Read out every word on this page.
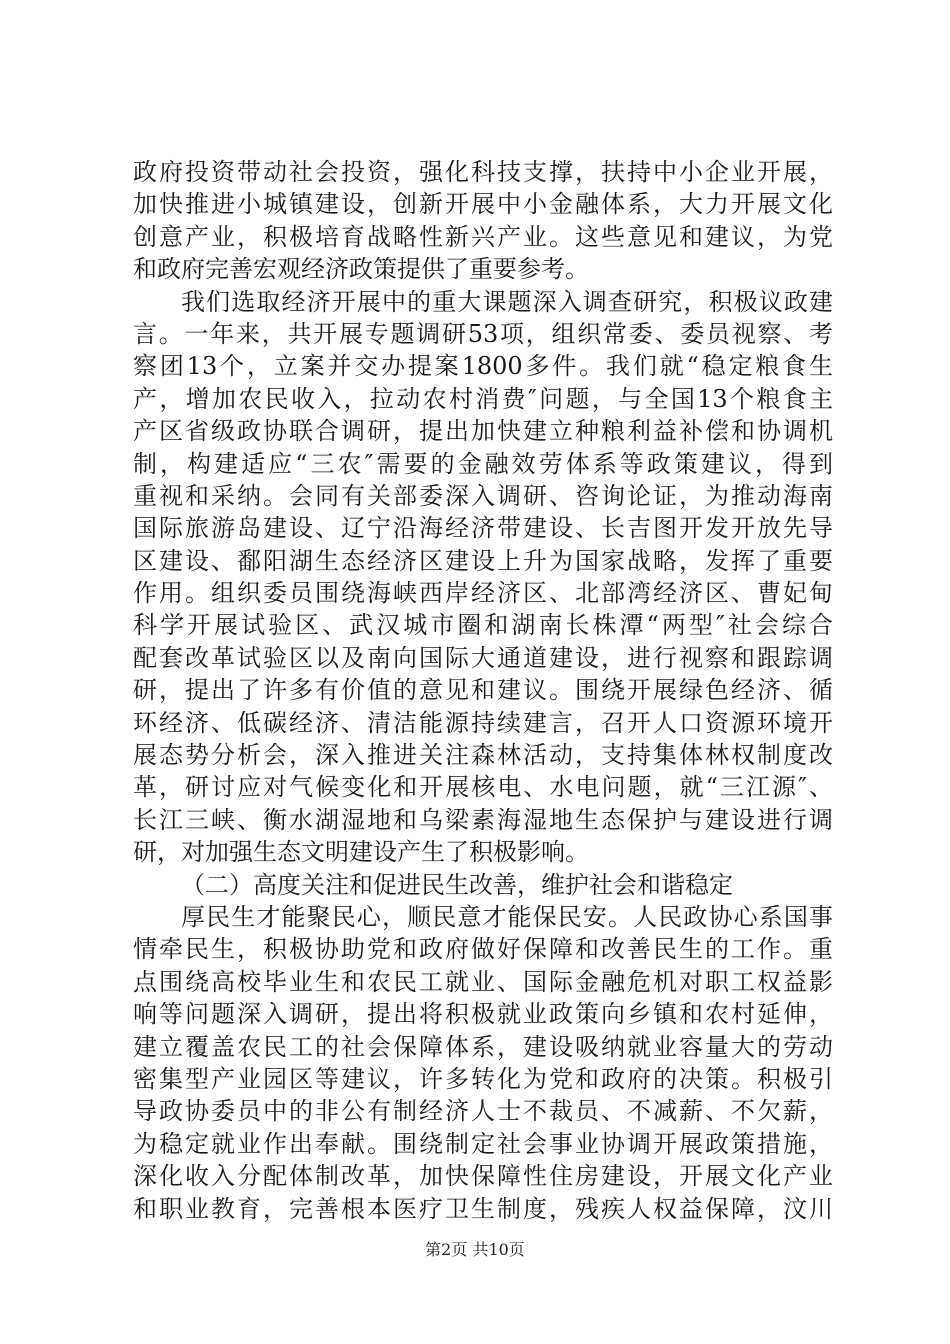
政府投资带动社会投资，强化科技支撑，扶持中小企业开展，
加快推进小城镇建设，创新开展中小金融体系，大力开展文化
创意产业，积极培育战略性新兴产业。这些意见和建议，为党
和政府完善宏观经济政策提供了重要参考。
我们选取经济开展中的重大课题深入调查研究，积极议政建
言。一年来，共开展专题调研53项，组织常委、委员视察、考
察团13个，立案并交办提案1800多件。我们就“稳定粮食生
产，增加农民收入，拉动农村消费″问题，与全国13个粮食主
产区省级政协联合调研，提出加快建立种粮利益补偿和协调机
制，构建适应“三农″需要的金融效劳体系等政策建议，得到
重视和采纳。会同有关部委深入调研、咨询论证，为推动海南
国际旅游岛建设、辽宁沿海经济带建设、长吉图开发开放先导
区建设、鄱阳湖生态经济区建设上升为国家战略，发挥了重要
作用。组织委员围绕海峡西岸经济区、北部湾经济区、曹妃甸
科学开展试验区、武汉城市圈和湖南长株潭“两型″社会综合
配套改革试验区以及南向国际大通道建设，进行视察和跟踪调
研，提出了许多有价值的意见和建议。围绕开展绿色经济、循
环经济、低碳经济、清洁能源持续建言，召开人口资源环境开
展态势分析会，深入推进关注森林活动，支持集体林权制度改
革，研讨应对气候变化和开展核电、水电问题，就“三江源″、
长江三峡、衡水湖湿地和乌梁素海湿地生态保护与建设进行调
研，对加强生态文明建设产生了积极影响。
（二）高度关注和促进民生改善，维护社会和谐稳定
厚民生才能聚民心，顺民意才能保民安。人民政协心系国事
情牵民生，积极协助党和政府做好保障和改善民生的工作。重
点围绕高校毕业生和农民工就业、国际金融危机对职工权益影
响等问题深入调研，提出将积极就业政策向乡镇和农村延伸，
建立覆盖农民工的社会保障体系，建设吸纳就业容量大的劳动
密集型产业园区等建议，许多转化为党和政府的决策。积极引
导政协委员中的非公有制经济人士不裁员、不减薪、不欠薪，
为稳定就业作出奉献。围绕制定社会事业协调开展政策措施，
深化收入分配体制改革，加快保障性住房建设，开展文化产业
和职业教育，完善根本医疗卫生制度，残疾人权益保障，汶川
第2页 共10页
